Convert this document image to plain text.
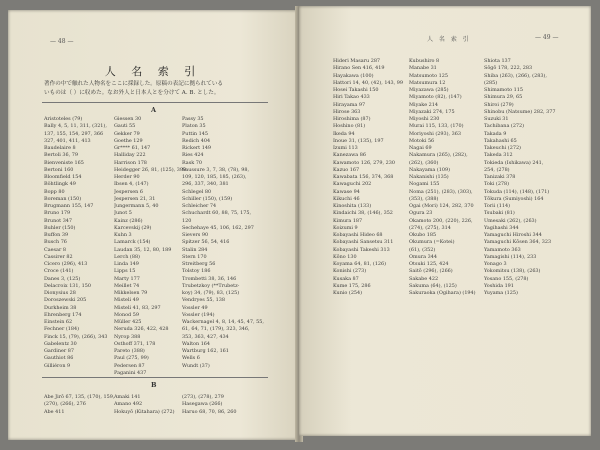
— 48 —
人 名 索 引
著作の中で触れた人物名をここに採録した。原稿の表記に拠られている
いものは（ ）に収めた。なお外人と日本人とを分けて A. B. とした。
A
Aristoteles (79)
Bally 4, 5, 11, 311, (321),
137, 155, 154, 297, 366
327, 401, 411, 413
Baudelaire 8
Bertoli 36, 79
Bienveniste 165
Bertoni 160
Bloomfield 154
Böhtlingk 49
Bopp 80
Boreman (150)
Brugmann 155, 147
Bruno 179
Brunot 347
Buhler (150)
Buffon 39
Busch 76
Caesar 8
Cassirer 82
Cicero (296), 413
Croce (141)
Danes 3, (125)
Delacroix 131, 150
Dionysius 28
Doroszewski 205
Durkheim 38
Ehrenberg 174
Einstein 62
Fechner (184)
Finck 15, (79), (266), 343
Gabelentz 30
Gardiner 87
Gauthiot 86
Gilliéron 9
Giessen 30
Gauti 55
Gekker 79
Goethe 129
Gr**** 61, 147
Halliday 222
Harrison 178
Heidegger 26, 81, (125), 399
Herder 90
Ibsen 4, (147)
Jespersen 6
Jespersen 21, 31
Jungermann 5, 40
Junot 5
Kainz (286)
Karcevskij (29)
Kuhn 3
Lamarck (154)
Laudan 35, 12, 80, 189
Lerch (88)
Linda 149
Lipps 15
Marty 177
Meillet 74
Mikkelsen 79
Misteli 49
Misteli 41, 83, 297
Monod 59
Müller 425
Neruda 326, 422, 428
Nyrop 388
Osthoff 371, 178
Pareto (388)
Paul (275, 99)
Pedersen 87
Paganini 437
Passy 35
Platon 35
Puttin 145
Redich 404
Rickert 149
Ries 424
Rask 70
Saussure 3, 7, 38, (78), 98,
109, 120, 185, 185, (263),
296, 337, 340, 381
Schlegel 80
Schiller (150), (159)
Schleicher 74
Schuchardt 60, 88, 75, 175,
120
Sechehaye 45, 106, 162, 297
Sievers 90
Spitzer 56, 54, 416
Stalin 284
Stern 170
Streitberg 56
Tolstoy 186
Trombetti 38, 36, 146
Trubetzkoy (**Trubetz-
koy) 34, (79), 83, (125)
Vendryes 55, 138
Vossler 49
Vossler (194)
Wackernagel 4, 8, 14, 45, 47, 55,
61, 64, 71, (179), 323, 346,
353, 363, 427, 434
Walton 164
Wartburg 162, 161
Wells 6
Wundt (37)
B
Abe Jirō 67, 135, (170), 159,
(270), (266), 276
Abe 411
Amaki 141
Amano 492
Hokuyō (Kitahara) (272)
(273), (278), 279
Hasegawa (266)
Haruo 68, 70, 86, 260
人 名 索 引	— 49 —
Hideri Masaru 287
Hirano Sen 416, 419
Hayakawa (100)
Hattori 14, 40, (42), 143, 99
Hosei Takashi 150
Hiri Takao 433
Hirayama 97
Hirose 363
Hiroshima (87)
Hoshino (81)
Ikeda 94
Inoue 31, (135), 197
Izumi 113
Kanezawa 86
Kawamoto 126, 279, 230
Kazuo 167
Kawabata 156, 374, 368
Kawaguchi 202
Kawase 94
Kikuchi 46
Kinoshita (133)
Kindaichi 38, (146), 352
Kimura 187
Koizumi 9
Kobayashi Hideo 68
Kobayashi Sansetsu 311
Kobayashi Takeshi 313
Kōno 130
Koyama 64, 81, (126)
Konishi (273)
Kusaka 87
Kume 175, 286
Kunio (254)
Kubushiro 8
Manabe 31
Matsumoto 125
Matsumura 12
Miyazawa (285)
Miyamoto (82), (147)
Miyake 214
Miyazaki 274, 175
Miyoshi 230
Murai 115, 133, (170)
Moriyoshi (293), 363
Motoki 56
Nagai 69
Nakamura (265), (282),
(262), (360)
Nakayama (109)
Nakanishi (135)
Nogami 155
Noma (251), (283), (303),
(353), (388)
Ōgai (Mori) 124, 282, 370
Ogura 23
Okamoto 200, (220), 226,
(274), (275), 314
Ōkubo 185
Okumura (=Kotei)
(61), (352)
Ōmura 344
Ōtsuki 125, 424
Saitō (296), (266)
Sakabe 422
Sakuma (64), (125)
Sakuraoka (Ogihara) (194)
Shiota 137
Sōgō 178, 222, 283
Shiba (263), (266), (283),
(285)
Shimamoto 115
Shimura 29, 65
Shiroi (279)
Shinobu (Natsume) 282, 377
Suzuki 31
Tachibana (272)
Takada 9
Takahashi 65
Takeuchi (272)
Takeda 312
Tokieda (Ishikawa) 241,
254, (278)
Tanizaki 378
Toki (278)
Tokuda (114), (148), (171)
Tōkura (Sumiyoshi) 164
Torii (114)
Tsubaki (81)
Umesaki (262), (263)
Yagihashi 344
Yamaguchi Hiroshi 344
Yamaguchi Kōsen 364, 323
Yamamoto 363
Yamagishi (114), 233
Yonago 3
Yokomitsu (138), (263)
Yosano 155, (278)
Yoshida 191
Yuyama (125)
